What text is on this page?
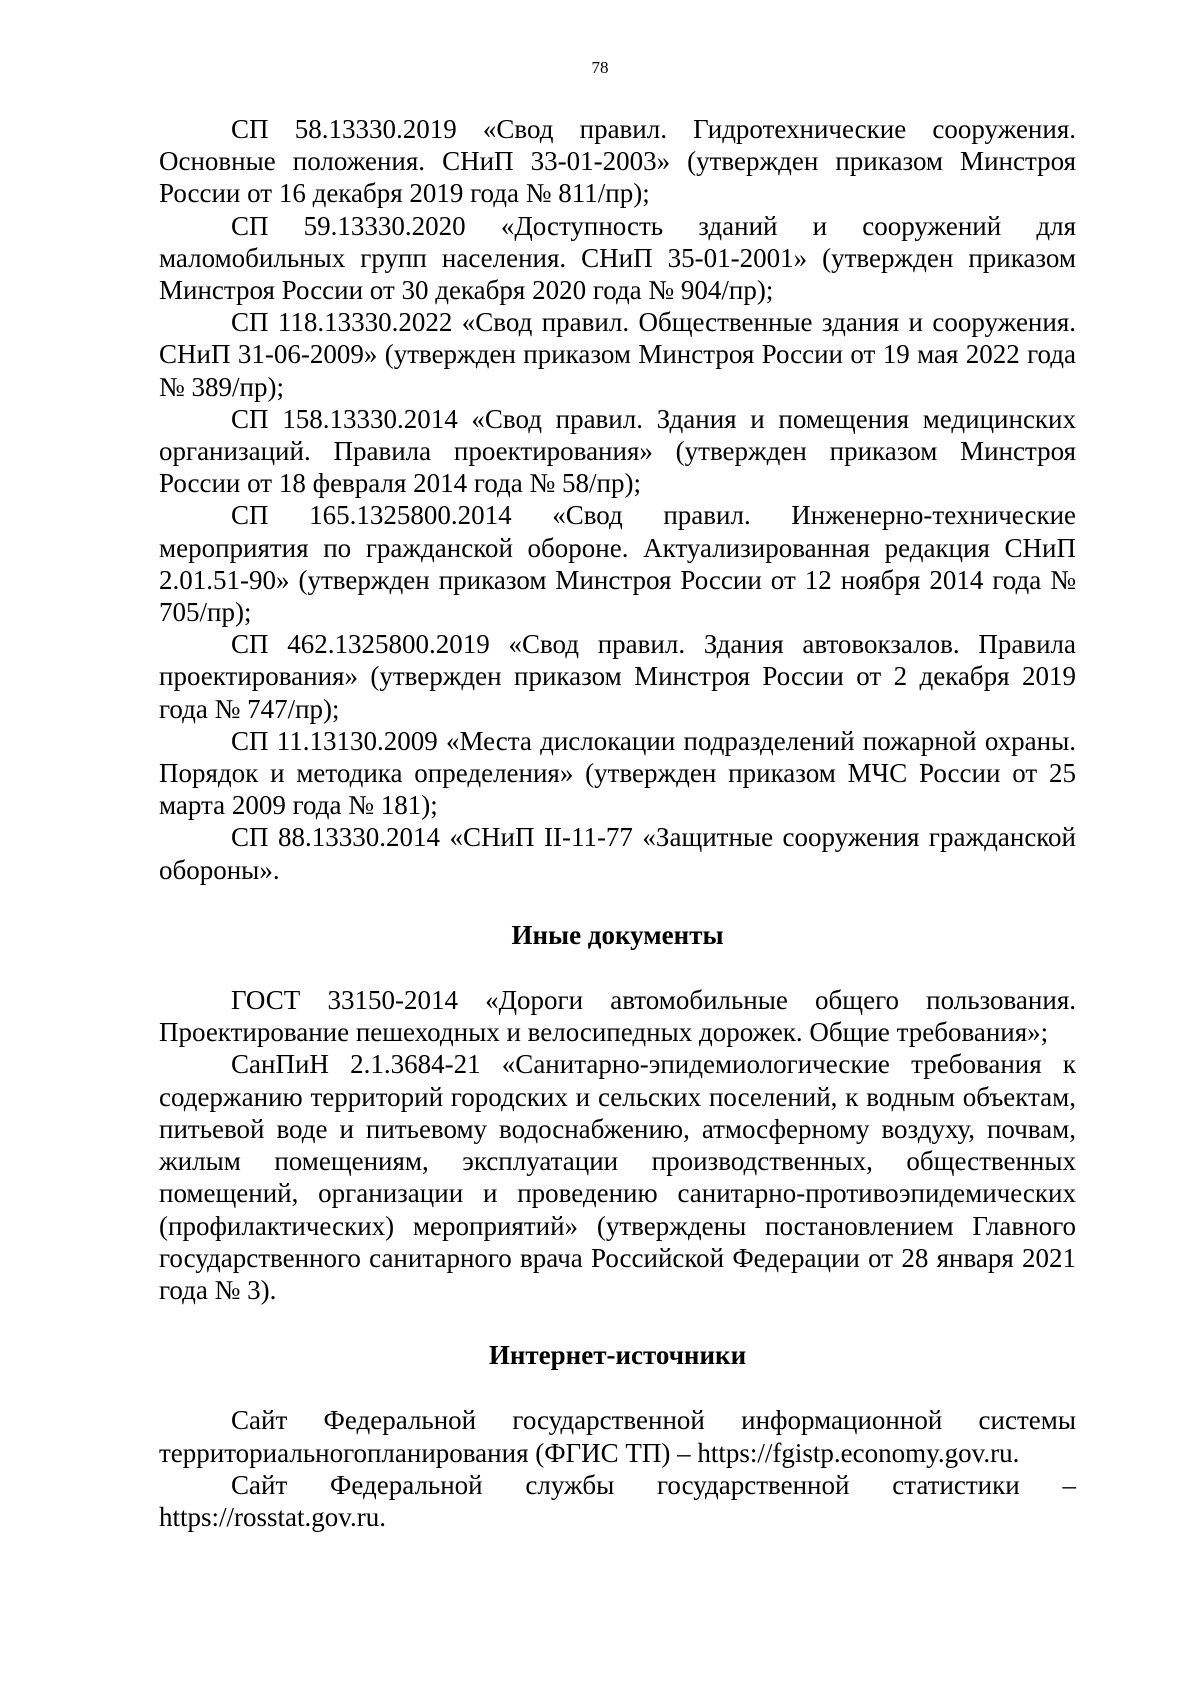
78

СП 58.13330.2019 «Свод правил. Гидротехнические сооружения. Основные положения. СНиП 33-01-2003» (утвержден приказом Минстроя России от 16 декабря 2019 года № 811/пр);

СП 59.13330.2020 «Доступность зданий и сооружений для маломобильных групп населения. СНиП 35-01-2001» (утвержден приказом Минстроя России от 30 декабря 2020 года № 904/пр);

СП 118.13330.2022 «Свод правил. Общественные здания и сооружения. СНиП 31-06-2009» (утвержден приказом Минстроя России от 19 мая 2022 года № 389/пр);

СП 158.13330.2014 «Свод правил. Здания и помещения медицинских организаций. Правила проектирования» (утвержден приказом Минстроя России от 18 февраля 2014 года № 58/пр);

СП 165.1325800.2014 «Свод правил. Инженерно-технические мероприятия по гражданской обороне. Актуализированная редакция СНиП 2.01.51-90» (утвержден приказом Минстроя России от 12 ноября 2014 года № 705/пр);

СП 462.1325800.2019 «Свод правил. Здания автовокзалов. Правила проектирования» (утвержден приказом Минстроя России от 2 декабря 2019 года № 747/пр);

СП 11.13130.2009 «Места дислокации подразделений пожарной охраны. Порядок и методика определения» (утвержден приказом МЧС России от 25 марта 2009 года № 181);

СП 88.13330.2014 «СНиП II-11-77 «Защитные сооружения гражданской обороны».

Иные документы

ГОСТ 33150-2014 «Дороги автомобильные общего пользования. Проектирование пешеходных и велосипедных дорожек. Общие требования»;

СанПиН 2.1.3684-21 «Санитарно-эпидемиологические требования к содержанию территорий городских и сельских поселений, к водным объектам, питьевой воде и питьевому водоснабжению, атмосферному воздуху, почвам, жилым помещениям, эксплуатации производственных, общественных помещений, организации и проведению санитарно-противоэпидемических (профилактических) мероприятий» (утверждены постановлением Главного государственного санитарного врача Российской Федерации от 28 января 2021 года № 3).

Интернет-источники

Сайт Федеральной государственной информационной системы территориальногопланирования (ФГИС ТП) – https://fgistp.economy.gov.ru.

Сайт Федеральной службы государственной статистики – https://rosstat.gov.ru.
